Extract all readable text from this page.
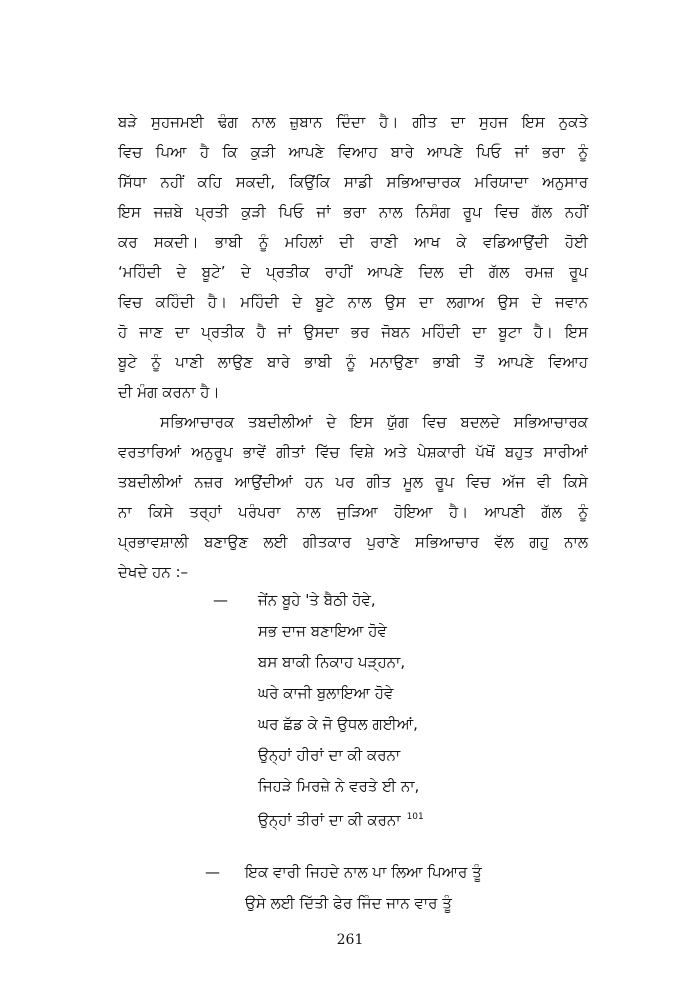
ਬੜੇ ਸੁਹਜਮਈ ਢੰਗ ਨਾਲ ਜ਼ੁਬਾਨ ਦਿੰਦਾ ਹੈ। ਗੀਤ ਦਾ ਸੁਹਜ ਇਸ ਨੁਕਤੇ
ਵਿਚ ਪਿਆ ਹੈ ਕਿ ਕੁੜੀ ਆਪਣੇ ਵਿਆਹ ਬਾਰੇ ਆਪਣੇ ਪਿਓ ਜਾਂ ਭਰਾ ਨੂੰ
ਸਿੱਧਾ ਨਹੀਂ ਕਹਿ ਸਕਦੀ, ਕਿਉਂਕਿ ਸਾਡੀ ਸਭਿਆਚਾਰਕ ਮਰਿਯਾਦਾ ਅਨੁਸਾਰ
ਇਸ ਜਜ਼ਬੇ ਪ੍ਰਤੀ ਕੁੜੀ ਪਿਓ ਜਾਂ ਭਰਾ ਨਾਲ ਨਿਸੰਗ ਰੂਪ ਵਿਚ ਗੱਲ ਨਹੀਂ
ਕਰ ਸਕਦੀ। ਭਾਬੀ ਨੂੰ ਮਹਿਲਾਂ ਦੀ ਰਾਣੀ ਆਖ ਕੇ ਵਡਿਆਉਂਦੀ ਹੋਈ
‘ਮਹਿੰਦੀ ਦੇ ਬੂਟੇ’ ਦੇ ਪ੍ਰਤੀਕ ਰਾਹੀਂ ਆਪਣੇ ਦਿਲ ਦੀ ਗੱਲ ਰਮਜ਼ ਰੂਪ
ਵਿਚ ਕਹਿੰਦੀ ਹੈ। ਮਹਿੰਦੀ ਦੇ ਬੂਟੇ ਨਾਲ ਉਸ ਦਾ ਲਗਾਅ ਉਸ ਦੇ ਜਵਾਨ
ਹੋ ਜਾਣ ਦਾ ਪ੍ਰਤੀਕ ਹੈ ਜਾਂ ਉਸਦਾ ਭਰ ਜੋਬਨ ਮਹਿੰਦੀ ਦਾ ਬੂਟਾ ਹੈ। ਇਸ
ਬੂਟੇ ਨੂੰ ਪਾਣੀ ਲਾਉਣ ਬਾਰੇ ਭਾਬੀ ਨੂੰ ਮਨਾਉਣਾ ਭਾਬੀ ਤੋਂ ਆਪਣੇ ਵਿਆਹ
ਦੀ ਮੰਗ ਕਰਨਾ ਹੈ।
ਸਭਿਆਚਾਰਕ ਤਬਦੀਲੀਆਂ ਦੇ ਇਸ ਯੁੱਗ ਵਿਚ ਬਦਲਦੇ ਸਭਿਆਚਾਰਕ
ਵਰਤਾਰਿਆਂ ਅਨੁਰੂਪ ਭਾਵੇਂ ਗੀਤਾਂ ਵਿੱਚ ਵਿਸ਼ੇ ਅਤੇ ਪੇਸ਼ਕਾਰੀ ਪੱਖੋਂ ਬਹੁਤ ਸਾਰੀਆਂ
ਤਬਦੀਲੀਆਂ ਨਜ਼ਰ ਆਉਂਦੀਆਂ ਹਨ ਪਰ ਗੀਤ ਮੂਲ ਰੂਪ ਵਿਚ ਅੱਜ ਵੀ ਕਿਸੇ
ਨਾ ਕਿਸੇ ਤਰ੍ਹਾਂ ਪਰੰਪਰਾ ਨਾਲ ਜੁੜਿਆ ਹੋਇਆ ਹੈ। ਆਪਣੀ ਗੱਲ ਨੂੰ
ਪ੍ਰਭਾਵਸ਼ਾਲੀ ਬਣਾਉਣ ਲਈ ਗੀਤਕਾਰ ਪੁਰਾਣੇ ਸਭਿਆਚਾਰ ਵੱਲ ਗਹੁ ਨਾਲ
ਦੇਖਦੇ ਹਨ :–
— ਜੇਂਨ ਬੂਹੇ 'ਤੇ ਬੈਠੀ ਹੋਵੇ,
ਸਭ ਦਾਜ ਬਣਾਇਆ ਹੋਵੇ
ਬਸ ਬਾਕੀ ਨਿਕਾਹ ਪੜ੍ਹਨਾ,
ਘਰੇ ਕਾਜੀ ਬੁਲਾਇਆ ਹੋਵੇ
ਘਰ ਛੱਡ ਕੇ ਜੋ ਉਧਲ ਗਈਆਂ,
ਉਨ੍ਹਾਂ ਹੀਰਾਂ ਦਾ ਕੀ ਕਰਨਾ
ਜਿਹੜੇ ਮਿਰਜ਼ੇ ਨੇ ਵਰਤੇ ਈ ਨਾ,
ਉਨ੍ਹਾਂ ਤੀਰਾਂ ਦਾ ਕੀ ਕਰਨਾ $^{101}$
— ਇਕ ਵਾਰੀ ਜਿਹਦੇ ਨਾਲ ਪਾ ਲਿਆ ਪਿਆਰ ਤੂੰ
ਉਸੇ ਲਈ ਦਿੱਤੀ ਫੇਰ ਜਿੰਦ ਜਾਨ ਵਾਰ ਤੂੰ
261
